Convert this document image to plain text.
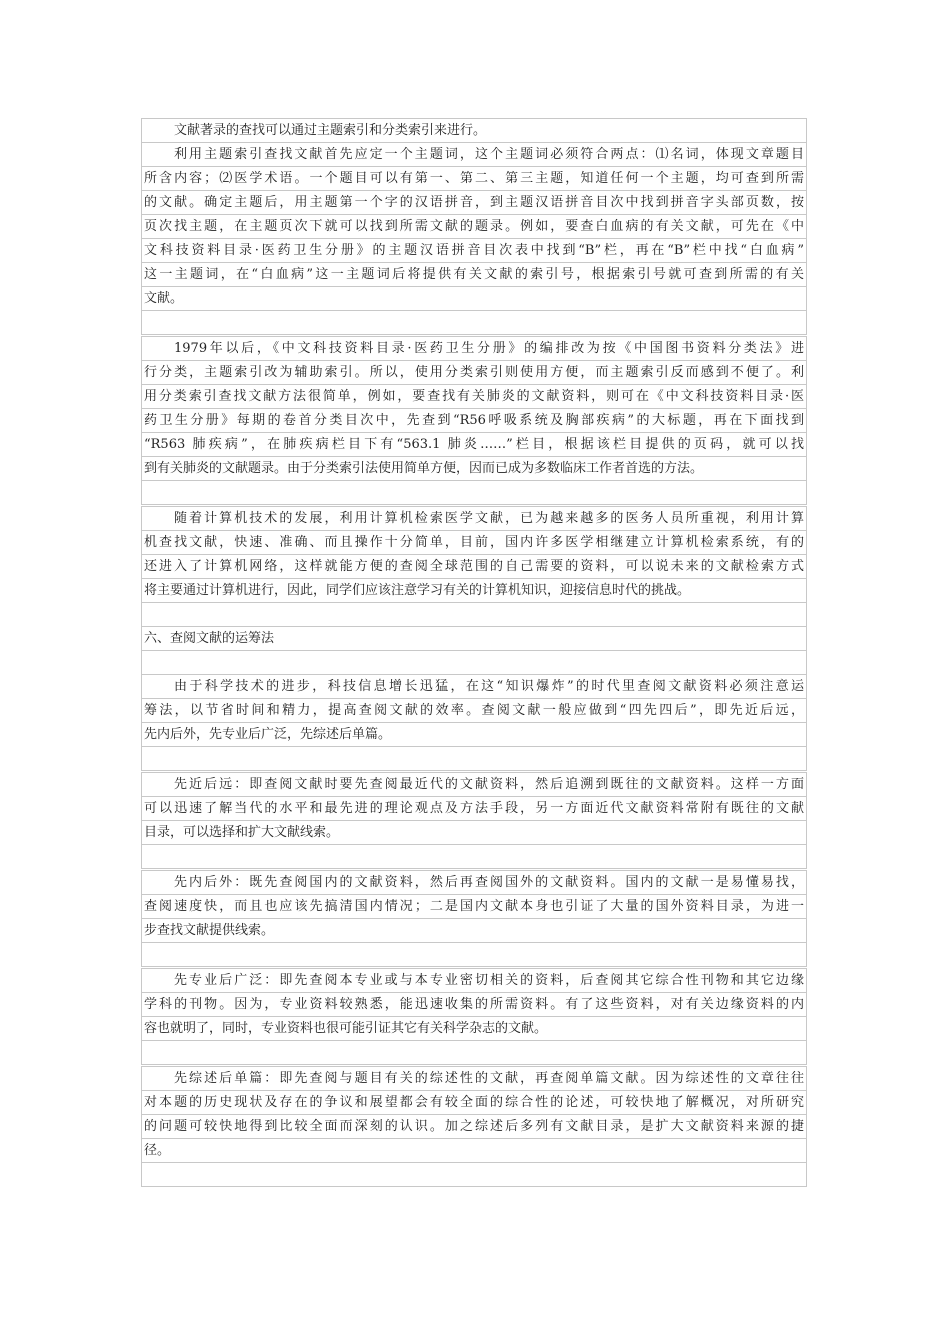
文献著录的查找可以通过主题索引和分类索引来进行。
利用主题索引查找文献首先应定一个主题词，这个主题词必须符合两点：⑴名词，体现文章题目
所含内容；⑵医学术语。一个题目可以有第一、第二、第三主题，知道任何一个主题，均可查到所需
的文献。确定主题后，用主题第一个字的汉语拼音，到主题汉语拼音目次中找到拼音字头部页数，按
页次找主题，在主题页次下就可以找到所需文献的题录。例如，要查白血病的有关文献，可先在《中
文科技资料目录·医药卫生分册》的主题汉语拼音目次表中找到“B”栏，再在“B”栏中找“白血病”
这一主题词，在“白血病”这一主题词后将提供有关文献的索引号，根据索引号就可查到所需的有关
文献。
1979年以后，《中文科技资料目录·医药卫生分册》的编排改为按《中国图书资料分类法》进
行分类，主题索引改为辅助索引。所以，使用分类索引则使用方便，而主题索引反而感到不便了。利
用分类索引查找文献方法很简单，例如，要查找有关肺炎的文献资料，则可在《中文科技资料目录·医
药卫生分册》每期的卷首分类目次中，先查到“R56呼吸系统及胸部疾病”的大标题，再在下面找到
“R563 肺疾病”，在肺疾病栏目下有“563.1 肺炎……”栏目，根据该栏目提供的页码，就可以找
到有关肺炎的文献题录。由于分类索引法使用简单方便，因而已成为多数临床工作者首选的方法。
随着计算机技术的发展，利用计算机检索医学文献，已为越来越多的医务人员所重视，利用计算
机查找文献，快速、准确、而且操作十分简单，目前，国内许多医学相继建立计算机检索系统，有的
还进入了计算机网络，这样就能方便的查阅全球范围的自己需要的资料，可以说未来的文献检索方式
将主要通过计算机进行，因此，同学们应该注意学习有关的计算机知识，迎接信息时代的挑战。
六、查阅文献的运筹法
由于科学技术的进步，科技信息增长迅猛，在这“知识爆炸”的时代里查阅文献资料必须注意运
筹法，以节省时间和精力，提高查阅文献的效率。查阅文献一般应做到“四先四后”，即先近后远，
先内后外，先专业后广泛，先综述后单篇。
先近后远：即查阅文献时要先查阅最近代的文献资料，然后追溯到既往的文献资料。这样一方面
可以迅速了解当代的水平和最先进的理论观点及方法手段，另一方面近代文献资料常附有既往的文献
目录，可以选择和扩大文献线索。
先内后外：既先查阅国内的文献资料，然后再查阅国外的文献资料。国内的文献一是易懂易找，
查阅速度快，而且也应该先搞清国内情况；二是国内文献本身也引证了大量的国外资料目录，为进一
步查找文献提供线索。
先专业后广泛：即先查阅本专业或与本专业密切相关的资料，后查阅其它综合性刊物和其它边缘
学科的刊物。因为，专业资料较熟悉，能迅速收集的所需资料。有了这些资料，对有关边缘资料的内
容也就明了，同时，专业资料也很可能引证其它有关科学杂志的文献。
先综述后单篇：即先查阅与题目有关的综述性的文献，再查阅单篇文献。因为综述性的文章往往
对本题的历史现状及存在的争议和展望都会有较全面的综合性的论述，可较快地了解概况，对所研究
的问题可较快地得到比较全面而深刻的认识。加之综述后多列有文献目录，是扩大文献资料来源的捷
径。
